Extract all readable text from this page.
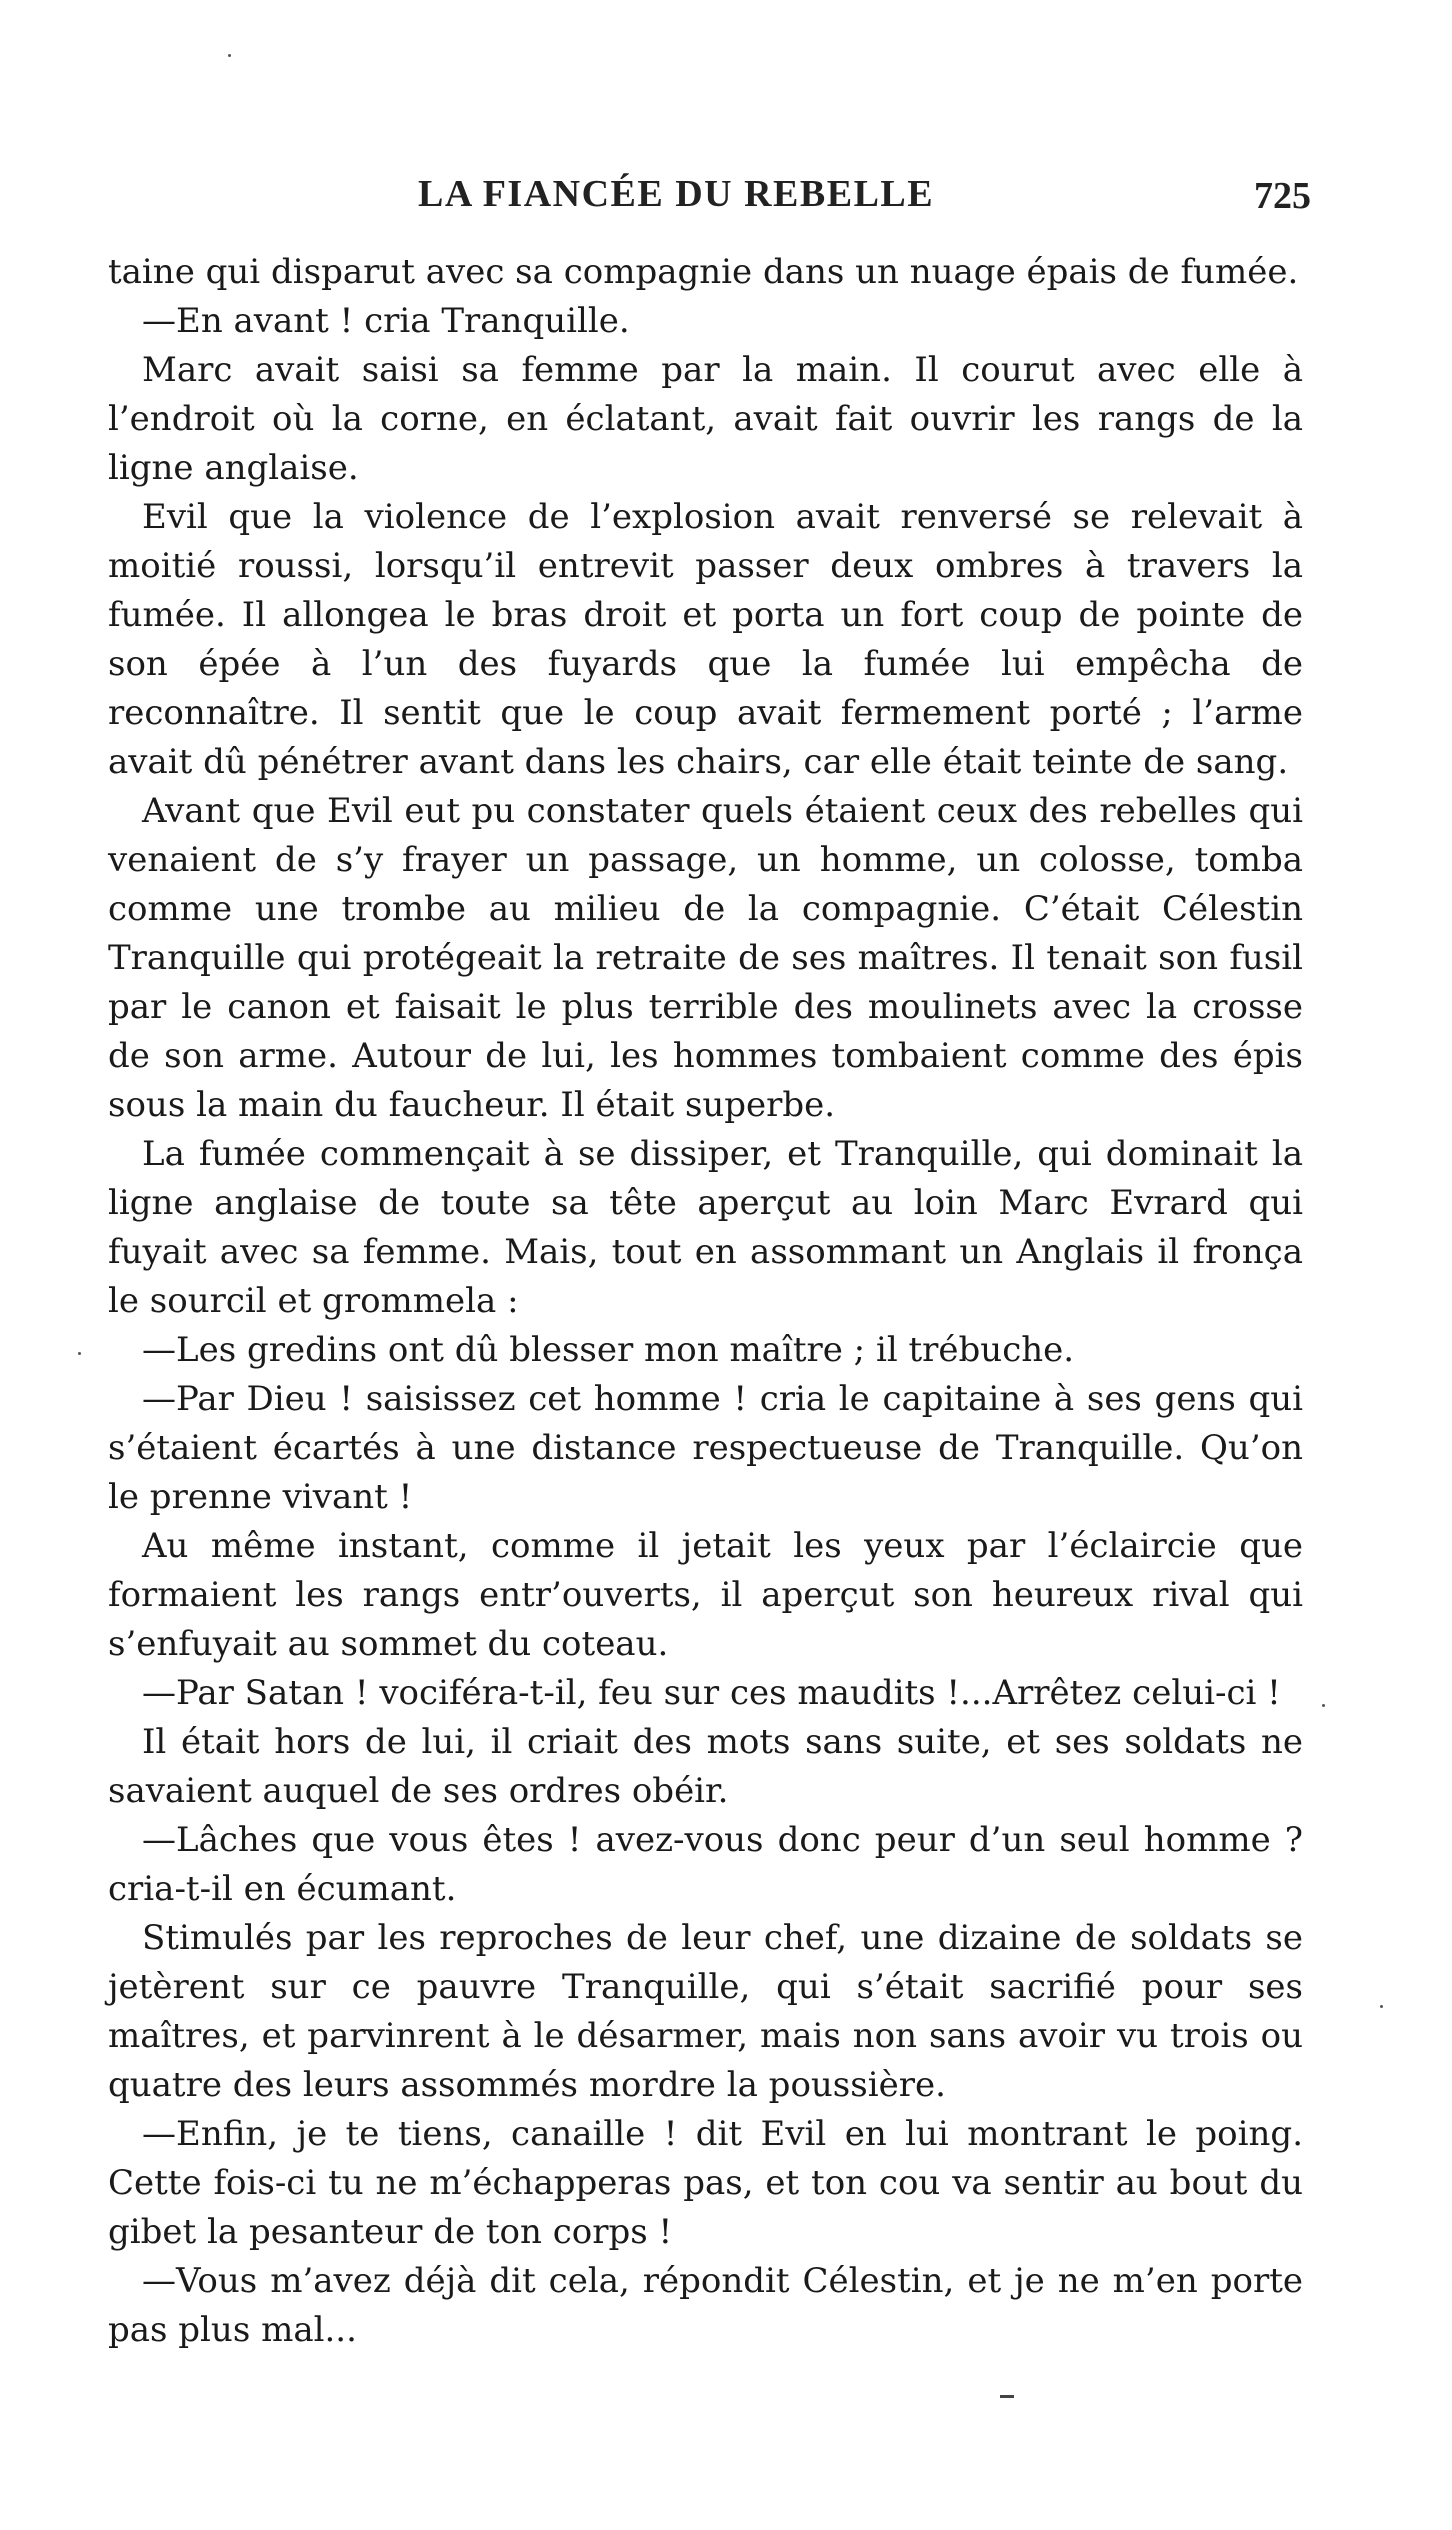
LA FIANCÉE DU REBELLE	725

taine qui disparut avec sa compagnie dans un nuage épais de fumée.

—En avant ! cria Tranquille.

Marc avait saisi sa femme par la main. Il courut avec elle à l’endroit où la corne, en éclatant, avait fait ouvrir les rangs de la ligne anglaise.

Evil que la violence de l’explosion avait renversé se relevait à moitié roussi, lorsqu’il entrevit passer deux ombres à travers la fumée. Il allongea le bras droit et porta un fort coup de pointe de son épée à l’un des fuyards que la fumée lui empêcha de reconnaître. Il sentit que le coup avait fermement porté ; l’arme avait dû pénétrer avant dans les chairs, car elle était teinte de sang.

Avant que Evil eut pu constater quels étaient ceux des rebelles qui venaient de s’y frayer un passage, un homme, un colosse, tomba comme une trombe au milieu de la compagnie. C’était Célestin Tranquille qui protégeait la retraite de ses maîtres. Il tenait son fusil par le canon et faisait le plus terrible des moulinets avec la crosse de son arme. Autour de lui, les hommes tombaient comme des épis sous la main du faucheur. Il était superbe.

La fumée commençait à se dissiper, et Tranquille, qui dominait la ligne anglaise de toute sa tête aperçut au loin Marc Evrard qui fuyait avec sa femme. Mais, tout en assommant un Anglais il fronça le sourcil et grommela :

—Les gredins ont dû blesser mon maître ; il trébuche.

—Par Dieu ! saisissez cet homme ! cria le capitaine à ses gens qui s’étaient écartés à une distance respectueuse de Tranquille. Qu’on le prenne vivant !

Au même instant, comme il jetait les yeux par l’éclaircie que formaient les rangs entr’ouverts, il aperçut son heureux rival qui s’enfuyait au sommet du coteau.

—Par Satan ! vociféra-t-il, feu sur ces maudits !...Arrêtez celui-ci !

Il était hors de lui, il criait des mots sans suite, et ses soldats ne savaient auquel de ses ordres obéir.

—Lâches que vous êtes ! avez-vous donc peur d’un seul homme ? cria-t-il en écumant.

Stimulés par les reproches de leur chef, une dizaine de soldats se jetèrent sur ce pauvre Tranquille, qui s’était sacrifié pour ses maîtres, et parvinrent à le désarmer, mais non sans avoir vu trois ou quatre des leurs assommés mordre la poussière.

—Enfin, je te tiens, canaille ! dit Evil en lui montrant le poing. Cette fois-ci tu ne m’échapperas pas, et ton cou va sentir au bout du gibet la pesanteur de ton corps !

—Vous m’avez déjà dit cela, répondit Célestin, et je ne m’en porte pas plus mal...
